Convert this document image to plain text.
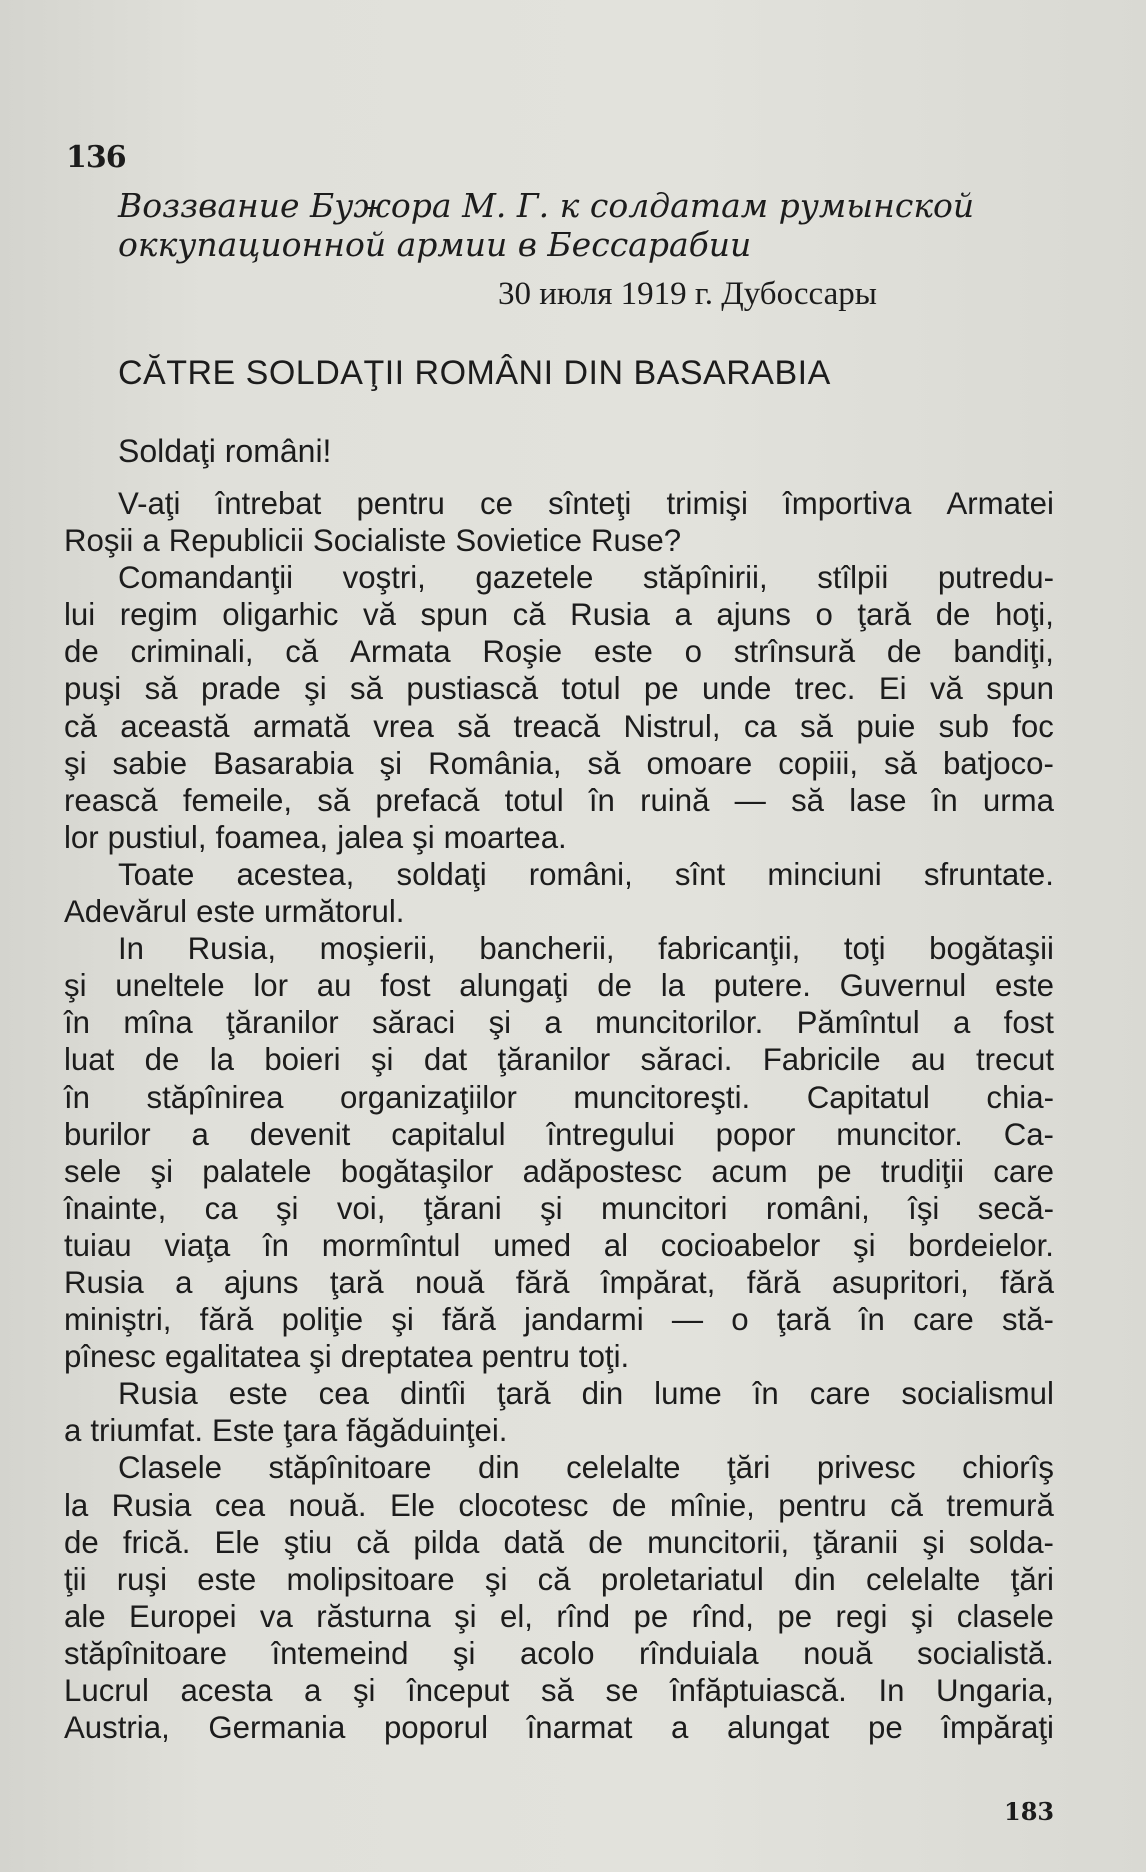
136
Воззвание Бужора М. Г. к солдатам румынской
оккупационной армии в Бессарабии
30 июля 1919 г. Дубоссары
CĂTRE SOLDAŢII ROMÂNI DIN BASARABIA
Soldaţi români!
V-aţi întrebat pentru ce sînteţi trimişi împortiva Armatei
Roşii a Republicii Socialiste Sovietice Ruse?
Comandanţii voştri, gazetele stăpînirii, stîlpii putredu-
lui regim oligarhic vă spun că Rusia a ajuns o ţară de hoţi,
de criminali, că Armata Roşie este o strînsură de bandiţi,
puşi să prade şi să pustiască totul pe unde trec. Ei vă spun
că această armată vrea să treacă Nistrul, ca să puie sub foc
şi sabie Basarabia şi România, să omoare copiii, să batjoco-
rească femeile, să prefacă totul în ruină — să lase în urma
lor pustiul, foamea, jalea şi moartea.
Toate acestea, soldaţi români, sînt minciuni sfruntate.
Adevărul este următorul.
In Rusia, moşierii, bancherii, fabricanţii, toţi bogătaşii
şi uneltele lor au fost alungaţi de la putere. Guvernul este
în mîna ţăranilor săraci şi a muncitorilor. Pămîntul a fost
luat de la boieri şi dat ţăranilor săraci. Fabricile au trecut
în stăpînirea organizaţiilor muncitoreşti. Capitatul chia-
burilor a devenit capitalul întregului popor muncitor. Ca-
sele şi palatele bogătaşilor adăpostesc acum pe trudiţii care
înainte, ca şi voi, ţărani şi muncitori români, îşi secă-
tuiau viaţa în mormîntul umed al cocioabelor şi bordeielor.
Rusia a ajuns ţară nouă fără împărat, fără asupritori, fără
miniştri, fără poliţie şi fără jandarmi — o ţară în care stă-
pînesc egalitatea şi dreptatea pentru toţi.
Rusia este cea dintîi ţară din lume în care socialismul
a triumfat. Este ţara făgăduinţei.
Clasele stăpînitoare din celelalte ţări privesc chiorîş
la Rusia cea nouă. Ele clocotesc de mînie, pentru că tremură
de frică. Ele ştiu că pilda dată de muncitorii, ţăranii şi solda-
ţii ruşi este molipsitoare şi că proletariatul din celelalte ţări
ale Europei va răsturna şi el, rînd pe rînd, pe regi şi clasele
stăpînitoare întemeind şi acolo rînduiala nouă socialistă.
Lucrul acesta a şi început să se înfăptuiască. In Ungaria,
Austria, Germania poporul înarmat a alungat pe împăraţi
183
